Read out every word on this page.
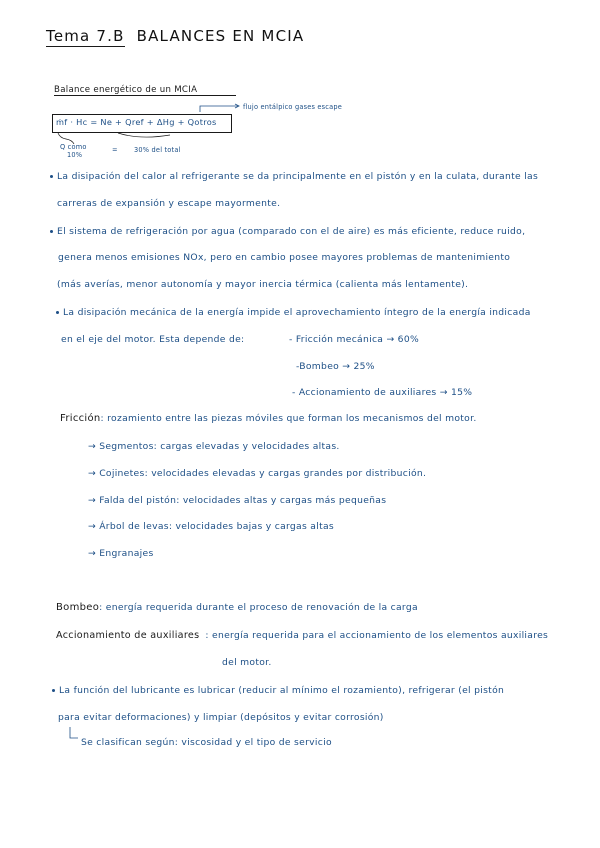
Tema 7.B BALANCES EN MCIA
Balance energético de un MCIA
flujo entálpico gases escape
ṁf · Hc = Ne + Qref + ΔHg + Qotros
Q como
10%
30% del total
=
La disipación del calor al refrigerante se da principalmente en el pistón y en la culata, durante las
carreras de expansión y escape mayormente.
El sistema de refrigeración por agua (comparado con el de aire) es más eficiente, reduce ruido,
genera menos emisiones NOx, pero en cambio posee mayores problemas de mantenimiento
(más averías, menor autonomía y mayor inercia térmica (calienta más lentamente).
La disipación mecánica de la energía impide el aprovechamiento íntegro de la energía indicada
en el eje del motor. Esta depende de:	- Fricción mecánica → 60%
-Bombeo → 25%
- Accionamiento de auxiliares → 15%
Fricción: rozamiento entre las piezas móviles que forman los mecanismos del motor.
→ Segmentos: cargas elevadas y velocidades altas.
→ Cojinetes: velocidades elevadas y cargas grandes por distribución.
→ Falda del pistón: velocidades altas y cargas más pequeñas
→ Árbol de levas: velocidades bajas y cargas altas
→ Engranajes
Bombeo: energía requerida durante el proceso de renovación de la carga
Accionamiento de auxiliares : energía requerida para el accionamiento de los elementos auxiliares
del motor.
La función del lubricante es lubricar (reducir al mínimo el rozamiento), refrigerar (el pistón
para evitar deformaciones) y limpiar (depósitos y evitar corrosión)
Se clasifican según: viscosidad y el tipo de servicio
